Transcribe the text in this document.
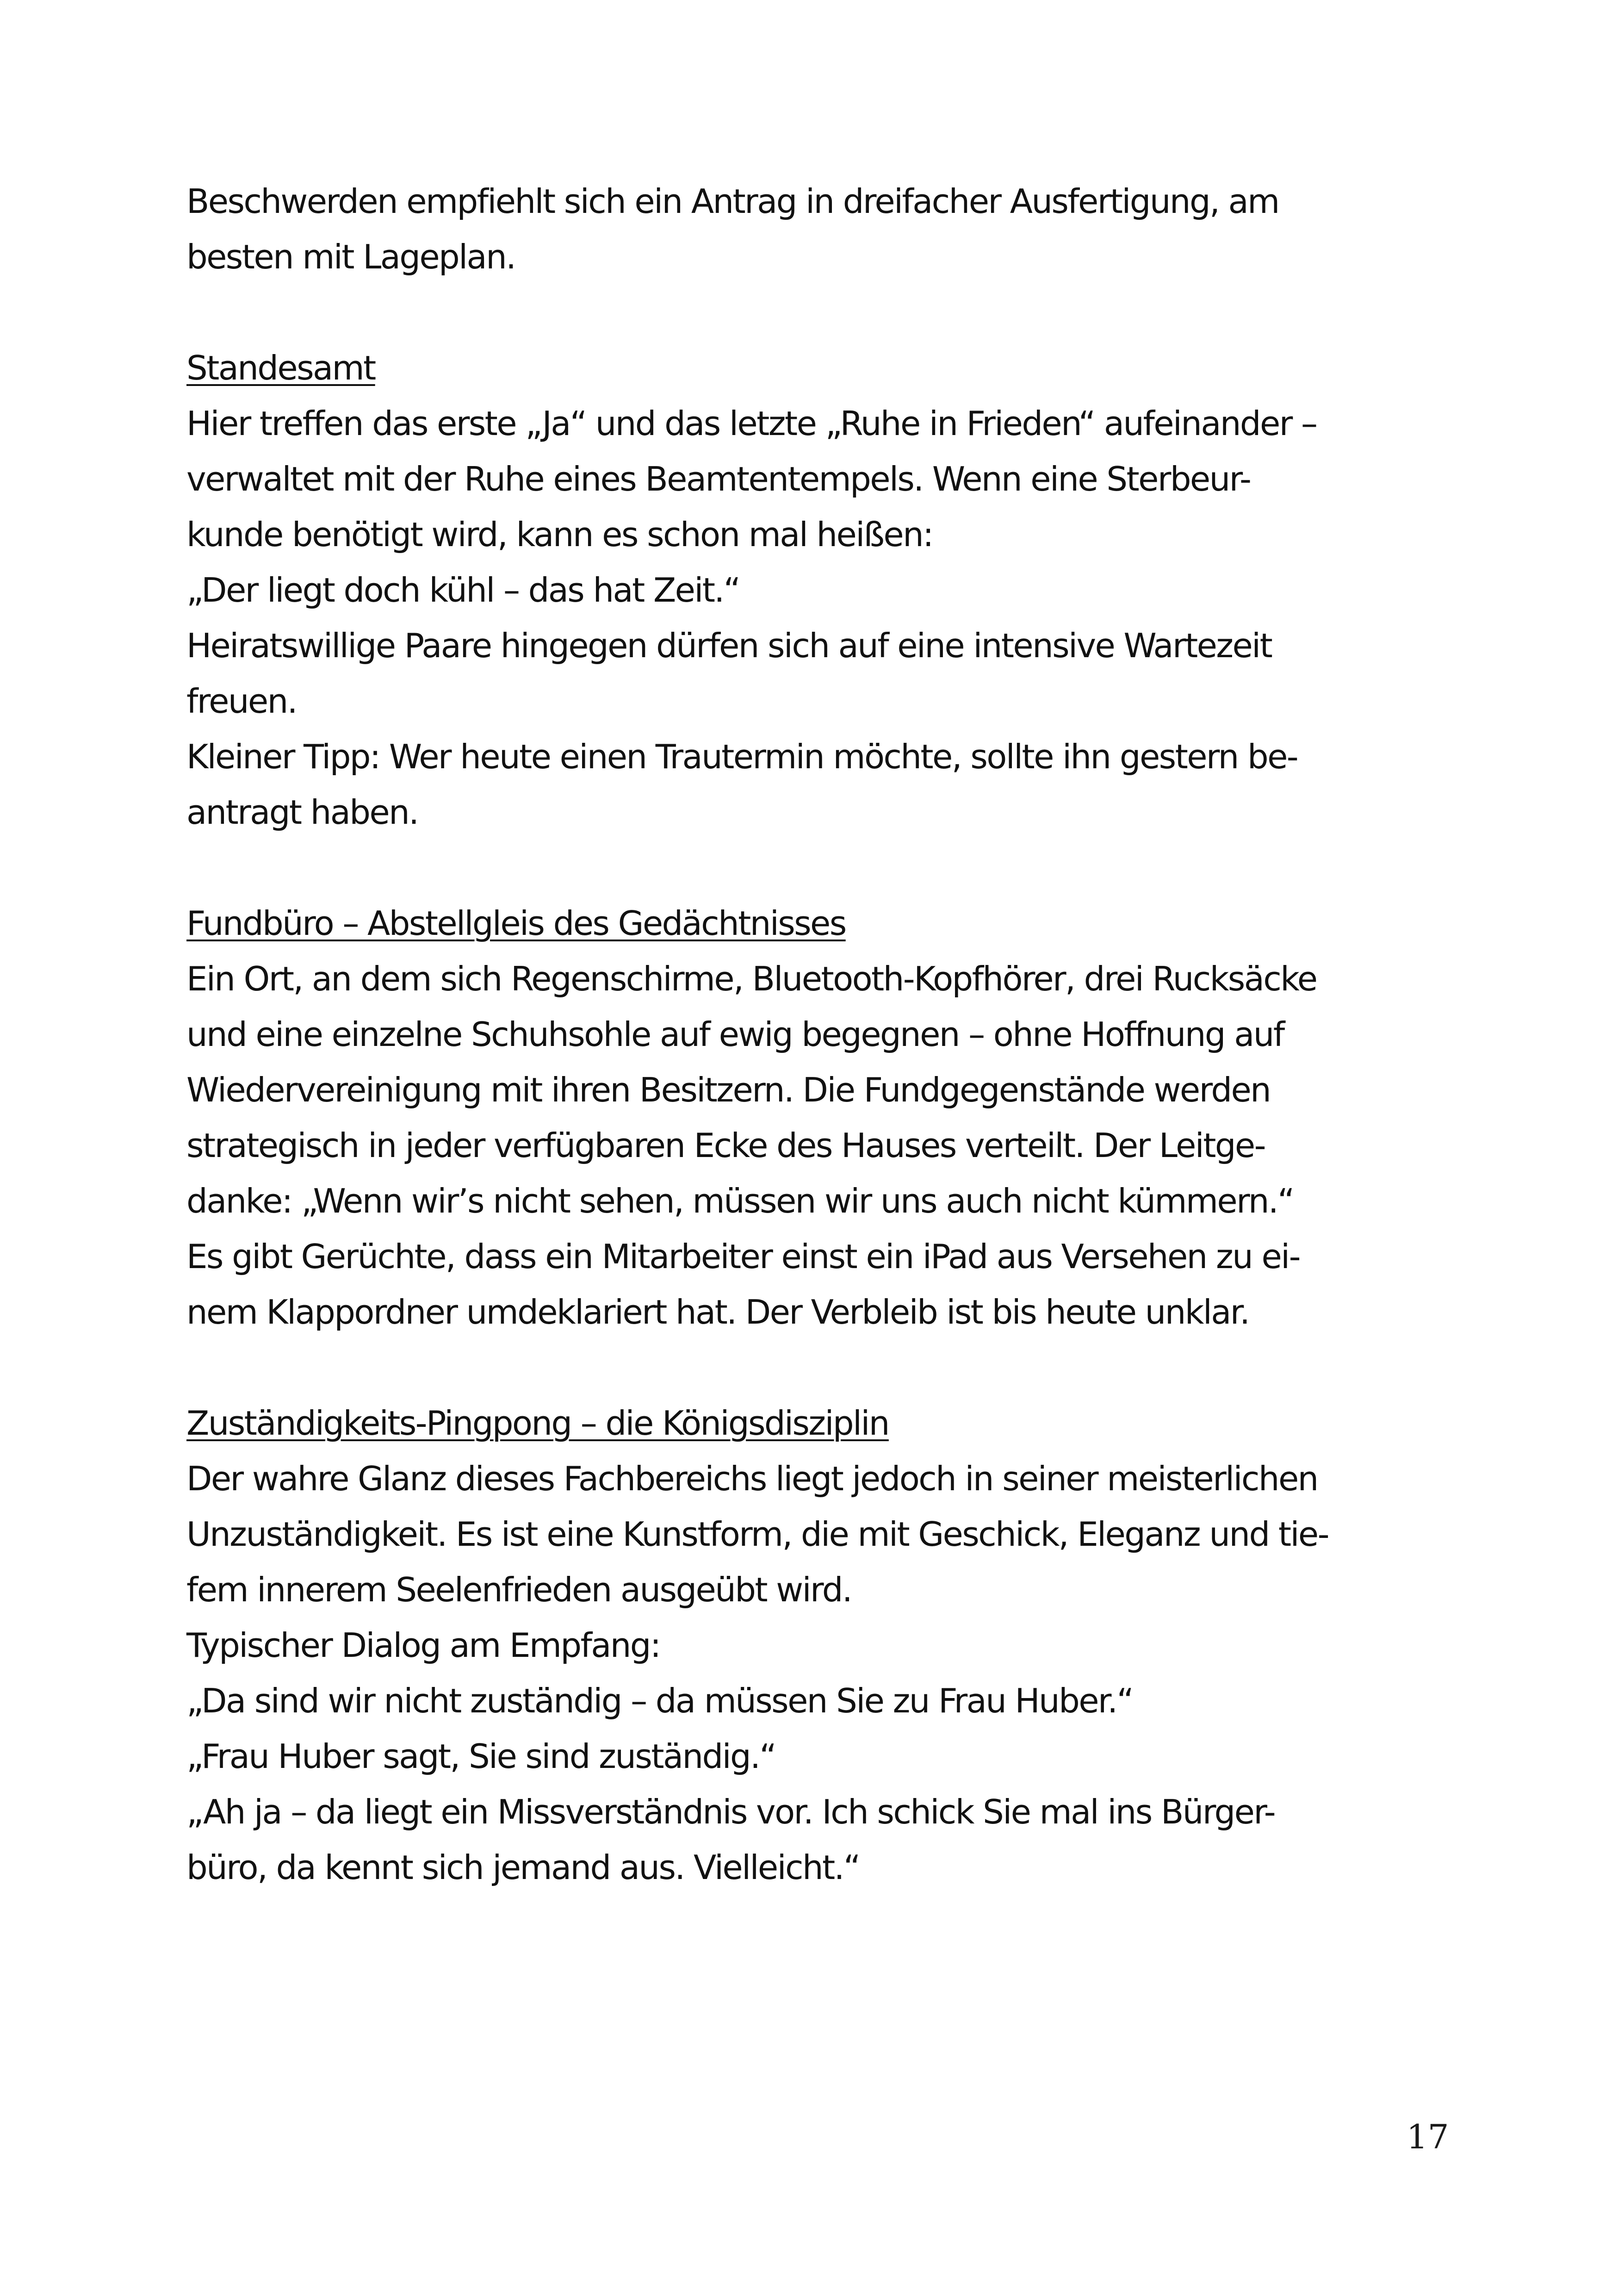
Beschwerden empfiehlt sich ein Antrag in dreifacher Ausfertigung, am
besten mit Lageplan.
Standesamt
Hier treffen das erste „Ja“ und das letzte „Ruhe in Frieden“ aufeinander –
verwaltet mit der Ruhe eines Beamtentempels. Wenn eine Sterbeur-
kunde benötigt wird, kann es schon mal heißen:
„Der liegt doch kühl – das hat Zeit.“
Heiratswillige Paare hingegen dürfen sich auf eine intensive Wartezeit
freuen.
Kleiner Tipp: Wer heute einen Trautermin möchte, sollte ihn gestern be-
antragt haben.
Fundbüro – Abstellgleis des Gedächtnisses
Ein Ort, an dem sich Regenschirme, Bluetooth-Kopfhörer, drei Rucksäcke
und eine einzelne Schuhsohle auf ewig begegnen – ohne Hoffnung auf
Wiedervereinigung mit ihren Besitzern. Die Fundgegenstände werden
strategisch in jeder verfügbaren Ecke des Hauses verteilt. Der Leitge-
danke: „Wenn wir’s nicht sehen, müssen wir uns auch nicht kümmern.“
Es gibt Gerüchte, dass ein Mitarbeiter einst ein iPad aus Versehen zu ei-
nem Klappordner umdeklariert hat. Der Verbleib ist bis heute unklar.
Zuständigkeits-Pingpong – die Königsdisziplin
Der wahre Glanz dieses Fachbereichs liegt jedoch in seiner meisterlichen
Unzuständigkeit. Es ist eine Kunstform, die mit Geschick, Eleganz und tie-
fem innerem Seelenfrieden ausgeübt wird.
Typischer Dialog am Empfang:
„Da sind wir nicht zuständig – da müssen Sie zu Frau Huber.“
„Frau Huber sagt, Sie sind zuständig.“
„Ah ja – da liegt ein Missverständnis vor. Ich schick Sie mal ins Bürger-
büro, da kennt sich jemand aus. Vielleicht.“
17
